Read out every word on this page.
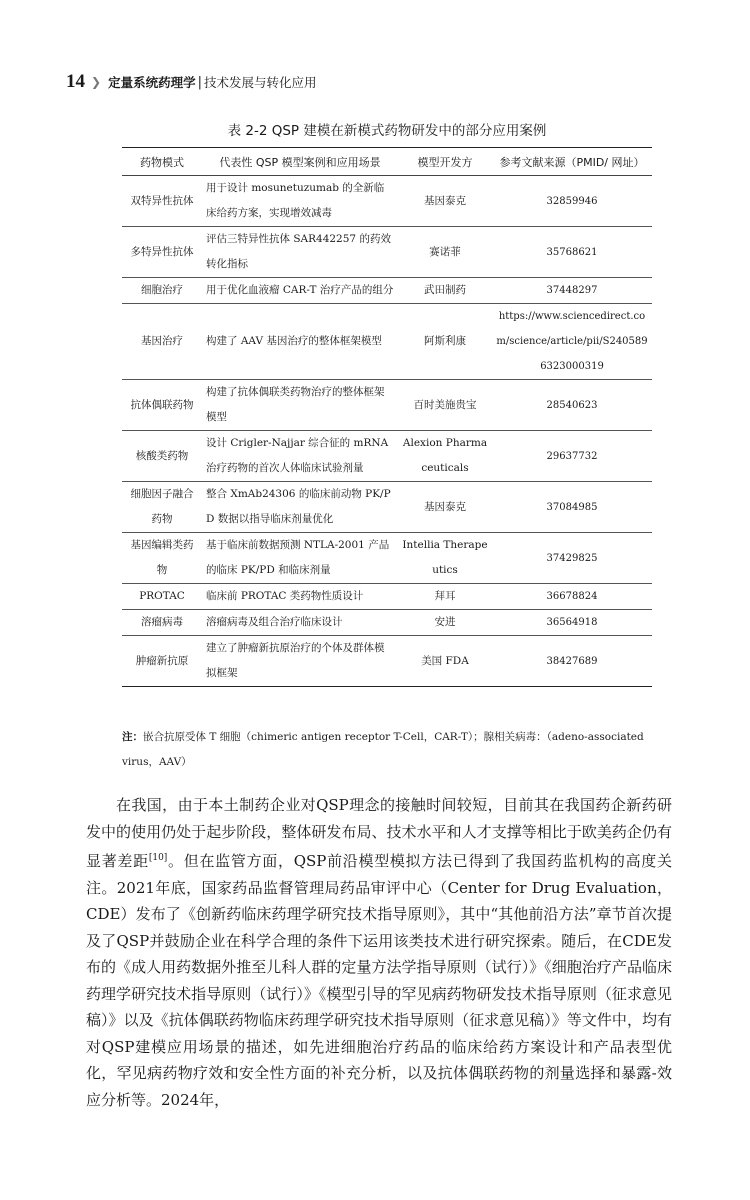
14 ❯ 定量系统药理学 | 技术发展与转化应用
表 2-2 QSP 建模在新模式药物研发中的部分应用案例
药物模式	代表性 QSP 模型案例和应用场景	模型开发方	参考文献来源（PMID/ 网址）
双特异性抗体	用于设计 mosunetuzumab 的全新临床给药方案，实现增效减毒	基因泰克	32859946
多特异性抗体	评估三特异性抗体 SAR442257 的药效转化指标	赛诺菲	35768621
细胞治疗	用于优化血液瘤 CAR-T 治疗产品的组分	武田制药	37448297
基因治疗	构建了 AAV 基因治疗的整体框架模型	阿斯利康	https://www.sciencedirect.com/science/article/pii/S2405896323000319
抗体偶联药物	构建了抗体偶联类药物治疗的整体框架模型	百时美施贵宝	28540623
核酸类药物	设计 Crigler-Najjar 综合征的 mRNA 治疗药物的首次人体临床试验剂量	Alexion Pharmaceuticals	29637732
细胞因子融合药物	整合 XmAb24306 的临床前动物 PK/PD 数据以指导临床剂量优化	基因泰克	37084985
基因编辑类药物	基于临床前数据预测 NTLA-2001 产品的临床 PK/PD 和临床剂量	Intellia Therapeutics	37429825
PROTAC	临床前 PROTAC 类药物性质设计	拜耳	36678824
溶瘤病毒	溶瘤病毒及组合治疗临床设计	安进	36564918
肿瘤新抗原	建立了肿瘤新抗原治疗的个体及群体模拟框架	美国 FDA	38427689
注：嵌合抗原受体 T 细胞（chimeric antigen receptor T-Cell，CAR-T）；腺相关病毒：（adeno-associated
virus，AAV）

在我国，由于本土制药企业对QSP理念的接触时间较短，目前其在我国药企新药研发中的使用仍处于起步阶段，整体研发布局、技术水平和人才支撑等相比于欧美药企仍有显著差距[10]。但在监管方面，QSP前沿模型模拟方法已得到了我国药监机构的高度关注。2021年底，国家药品监督管理局药品审评中心（Center for Drug Evaluation，CDE）发布了《创新药临床药理学研究技术指导原则》，其中“其他前沿方法”章节首次提及了QSP并鼓励企业在科学合理的条件下运用该类技术进行研究探索。随后，在CDE发布的《成人用药数据外推至儿科人群的定量方法学指导原则（试行）》《细胞治疗产品临床药理学研究技术指导原则（试行）》《模型引导的罕见病药物研发技术指导原则（征求意见稿）》以及《抗体偶联药物临床药理学研究技术指导原则（征求意见稿）》等文件中，均有对QSP建模应用场景的描述，如先进细胞治疗药品的临床给药方案设计和产品表型优化，罕见病药物疗效和安全性方面的补充分析，以及抗体偶联药物的剂量选择和暴露-效应分析等。2024年，
